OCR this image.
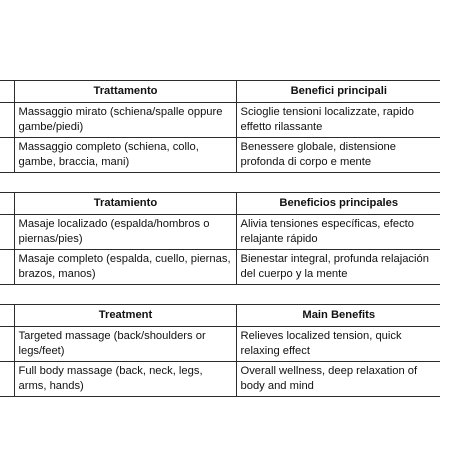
	Trattamento	Benefici principali
	Massaggio mirato (schiena/spalle oppure gambe/piedi)	Scioglie tensioni localizzate, rapido effetto rilassante
	Massaggio completo (schiena, collo, gambe, braccia, mani)	Benessere globale, distensione profonda di corpo e mente
	Tratamiento	Beneficios principales
	Masaje localizado (espalda/hombros o piernas/pies)	Alivia tensiones específicas, efecto relajante rápido
	Masaje completo (espalda, cuello, piernas, brazos, manos)	Bienestar integral, profunda relajación del cuerpo y la mente
	Treatment	Main Benefits
	Targeted massage (back/shoulders or legs/feet)	Relieves localized tension, quick relaxing effect
	Full body massage (back, neck, legs, arms, hands)	Overall wellness, deep relaxation of body and mind
